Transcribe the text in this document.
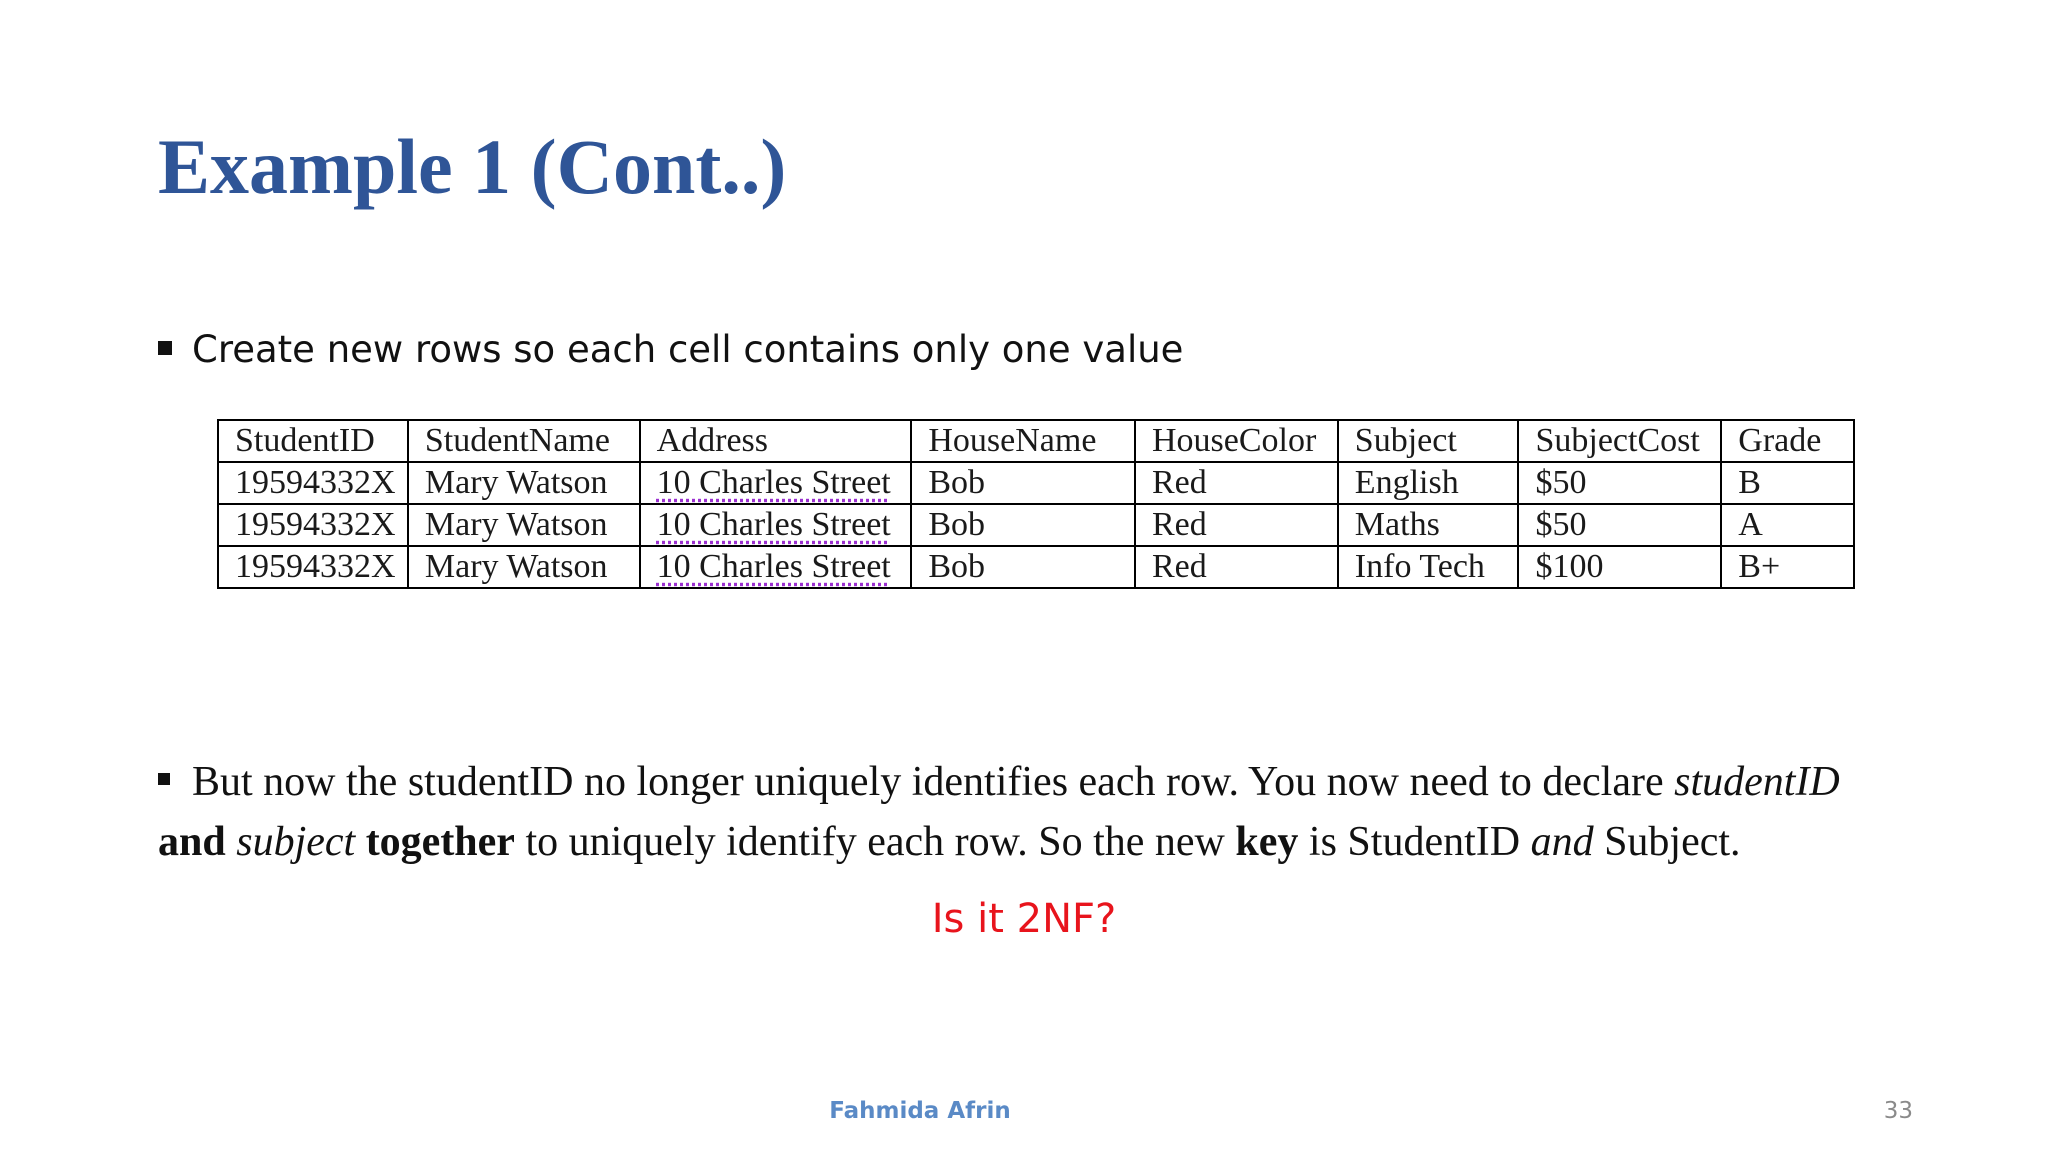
Example 1 (Cont..)
Create new rows so each cell contains only one value
StudentID	StudentName	Address	HouseName	HouseColor	Subject	SubjectCost	Grade
19594332X	Mary Watson	10 Charles Street	Bob	Red	English	$50	B
19594332X	Mary Watson	10 Charles Street	Bob	Red	Maths	$50	A
19594332X	Mary Watson	10 Charles Street	Bob	Red	Info Tech	$100	B+
But now the studentID no longer uniquely identifies each row. You now need to declare studentID
and subject together to uniquely identify each row. So the new key is StudentID and Subject.
Is it 2NF?
Fahmida Afrin	33
